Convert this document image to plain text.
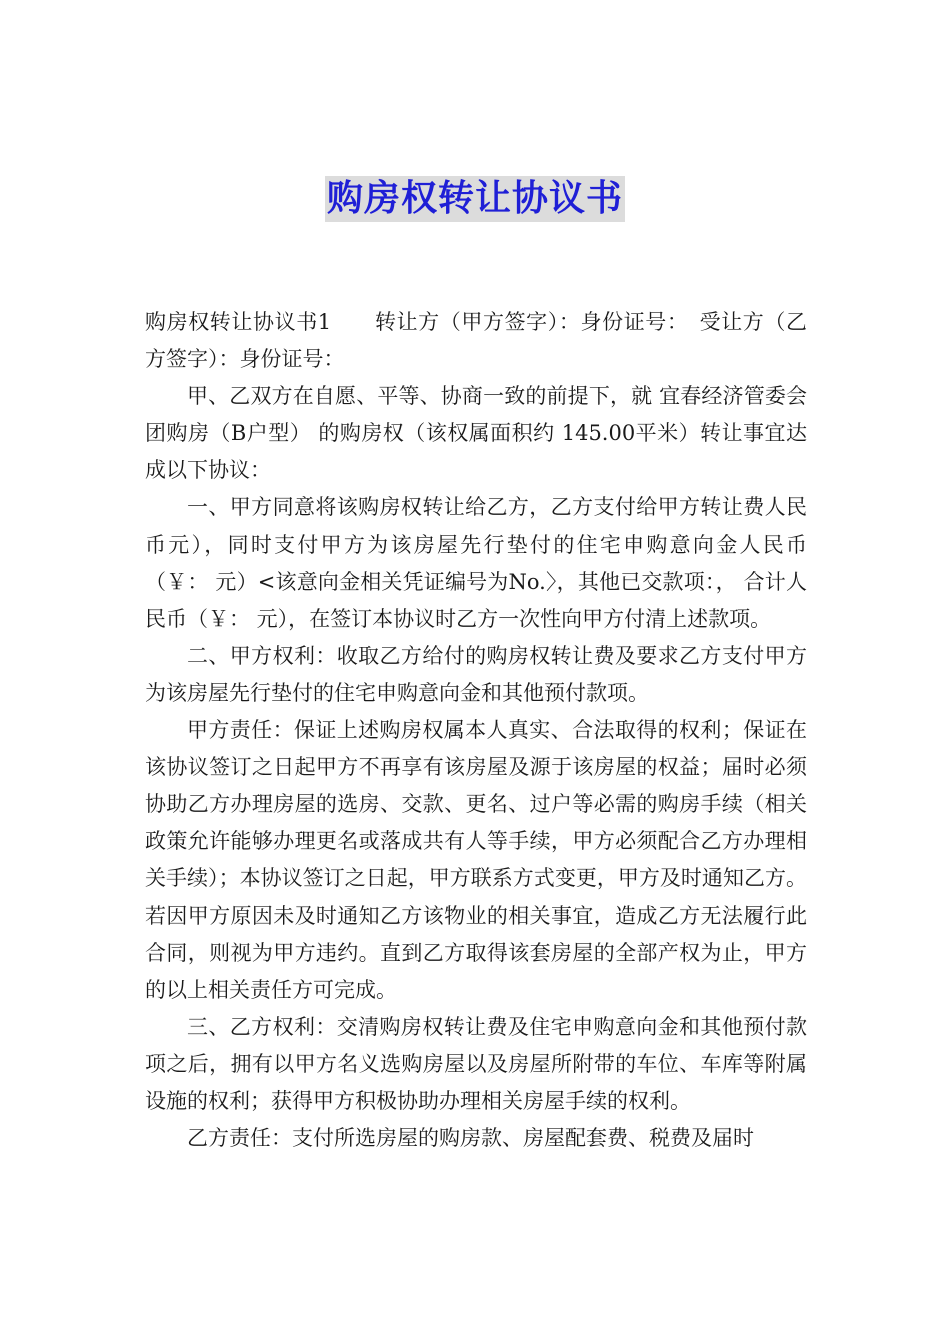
购房权转让协议书

购房权转让协议书1　　转让方（甲方签字）：身份证号：　受让方（乙方签字）：身份证号：

甲、乙双方在自愿、平等、协商一致的前提下，就 宜春经济管委会团购房（B户型） 的购房权（该权属面积约 145.00平米）转让事宜达成以下协议：

一、甲方同意将该购房权转让给乙方，乙方支付给甲方转让费人民币元），同时支付甲方为该房屋先行垫付的住宅申购意向金人民币 （￥： 元）<该意向金相关凭证编号为No.〉，其他已交款项：， 合计人民币（￥： 元），在签订本协议时乙方一次性向甲方付清上述款项。

二、甲方权利：收取乙方给付的购房权转让费及要求乙方支付甲方为该房屋先行垫付的住宅申购意向金和其他预付款项。

甲方责任：保证上述购房权属本人真实、合法取得的权利；保证在该协议签订之日起甲方不再享有该房屋及源于该房屋的权益；届时必须协助乙方办理房屋的选房、交款、更名、过户等必需的购房手续（相关政策允许能够办理更名或落成共有人等手续，甲方必须配合乙方办理相关手续）；本协议签订之日起，甲方联系方式变更，甲方及时通知乙方。若因甲方原因未及时通知乙方该物业的相关事宜，造成乙方无法履行此合同，则视为甲方违约。直到乙方取得该套房屋的全部产权为止，甲方的以上相关责任方可完成。

三、乙方权利：交清购房权转让费及住宅申购意向金和其他预付款项之后，拥有以甲方名义选购房屋以及房屋所附带的车位、车库等附属设施的权利；获得甲方积极协助办理相关房屋手续的权利。

乙方责任：支付所选房屋的购房款、房屋配套费、税费及届时
